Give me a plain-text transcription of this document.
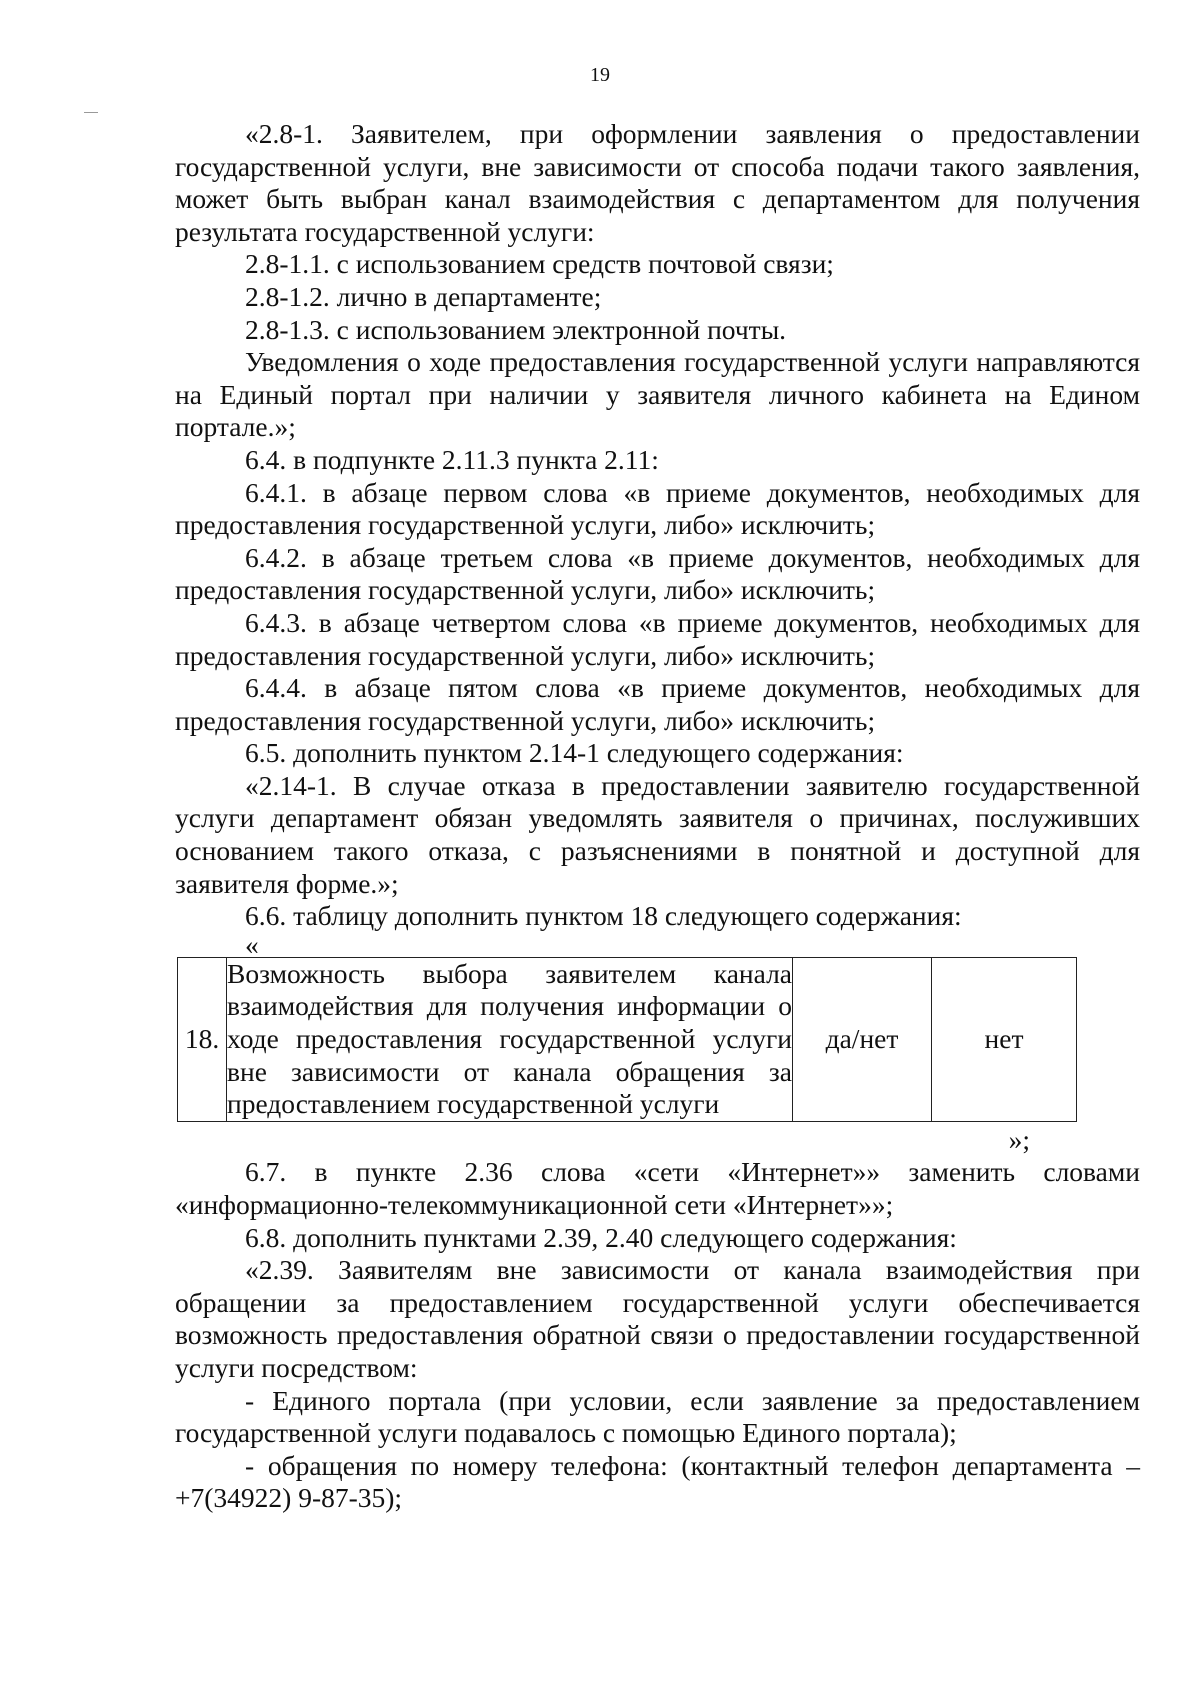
19

«2.8-1. Заявителем, при оформлении заявления о предоставлении государственной услуги, вне зависимости от способа подачи такого заявления, может быть выбран канал взаимодействия с департаментом для получения результата государственной услуги:

2.8-1.1. с использованием средств почтовой связи;

2.8-1.2. лично в департаменте;

2.8-1.3. с использованием электронной почты.

Уведомления о ходе предоставления государственной услуги направляются на Единый портал при наличии у заявителя личного кабинета на Едином портале.»;

6.4. в подпункте 2.11.3 пункта 2.11:

6.4.1. в абзаце первом слова «в приеме документов, необходимых для предоставления государственной услуги, либо» исключить;

6.4.2. в абзаце третьем слова «в приеме документов, необходимых для предоставления государственной услуги, либо» исключить;

6.4.3. в абзаце четвертом слова «в приеме документов, необходимых для предоставления государственной услуги, либо» исключить;

6.4.4. в абзаце пятом слова «в приеме документов, необходимых для предоставления государственной услуги, либо» исключить;

6.5. дополнить пунктом 2.14-1 следующего содержания:

«2.14-1. В случае отказа в предоставлении заявителю государственной услуги департамент обязан уведомлять заявителя о причинах, послуживших основанием такого отказа, с разъяснениями в понятной и доступной для заявителя форме.»;

6.6. таблицу дополнить пунктом 18 следующего содержания:

«
18.	Возможность выбора заявителем канала взаимодействия для получения информации о ходе предоставления государственной услуги вне зависимости от канала обращения за предоставлением государственной услуги	да/нет	нет
»;

6.7. в пункте 2.36 слова «сети «Интернет»» заменить словами «информационно-телекоммуникационной сети «Интернет»»;

6.8. дополнить пунктами 2.39, 2.40 следующего содержания:

«2.39. Заявителям вне зависимости от канала взаимодействия при обращении за предоставлением государственной услуги обеспечивается возможность предоставления обратной связи о предоставлении государственной услуги посредством:

- Единого портала (при условии, если заявление за предоставлением государственной услуги подавалось с помощью Единого портала);

- обращения по номеру телефона: (контактный телефон департамента – +7(34922) 9-87-35);
